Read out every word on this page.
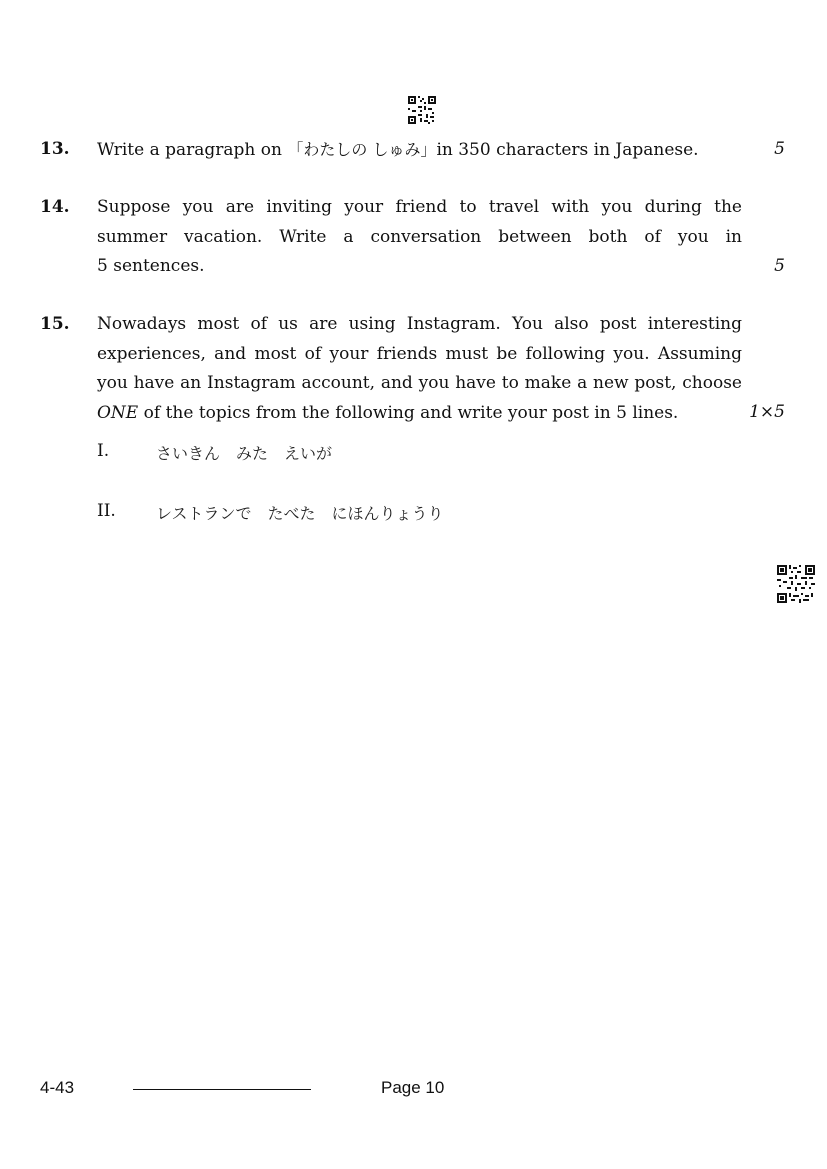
13.	Write a paragraph on 「わたしの しゅみ」in 350 characters in Japanese.	5
14.	Suppose you are inviting your friend to travel with you during the
summer vacation. Write a conversation between both of you in
5 sentences.	5
15.	Nowadays most of us are using Instagram. You also post interesting
experiences, and most of your friends must be following you. Assuming
you have an Instagram account, and you have to make a new post, choose
ONE of the topics from the following and write your post in 5 lines.	1×5
I.	さいきん　みた　えいが
II.	レストランで　たべた　にほんりょうり
4-43	Page 10
